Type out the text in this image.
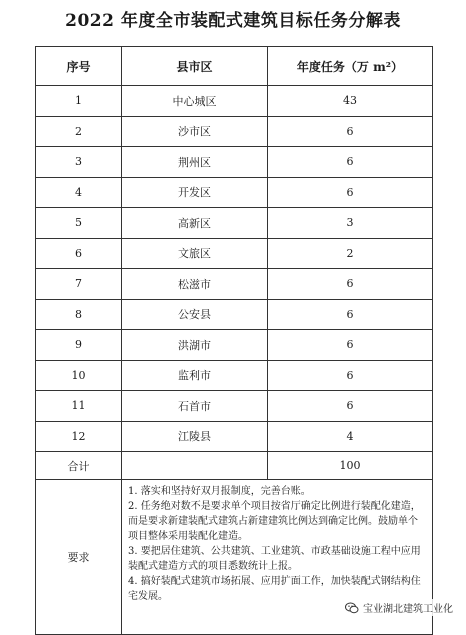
2022 年度全市装配式建筑目标任务分解表
序号	县市区	年度任务（万 m²）
1	中心城区	43
2	沙市区	6
3	荆州区	6
4	开发区	6
5	高新区	3
6	文旅区	2
7	松滋市	6
8	公安县	6
9	洪湖市	6
10	监利市	6
11	石首市	6
12	江陵县	4
合计		100
要求	1. 落实和坚持好双月报制度，完善台账。

2. 任务绝对数不是要求单个项目按省厅确定比例进行装配化建造，而是要求新建装配式建筑占新建建筑比例达到确定比例。鼓励单个项目整体采用装配化建造。

3. 要把居住建筑、公共建筑、工业建筑、市政基础设施工程中应用装配式建造方式的项目悉数统计上报。

4. 搞好装配式建筑市场拓展、应用扩面工作，加快装配式钢结构住宅发展。	

宝业湖北建筑工业化
